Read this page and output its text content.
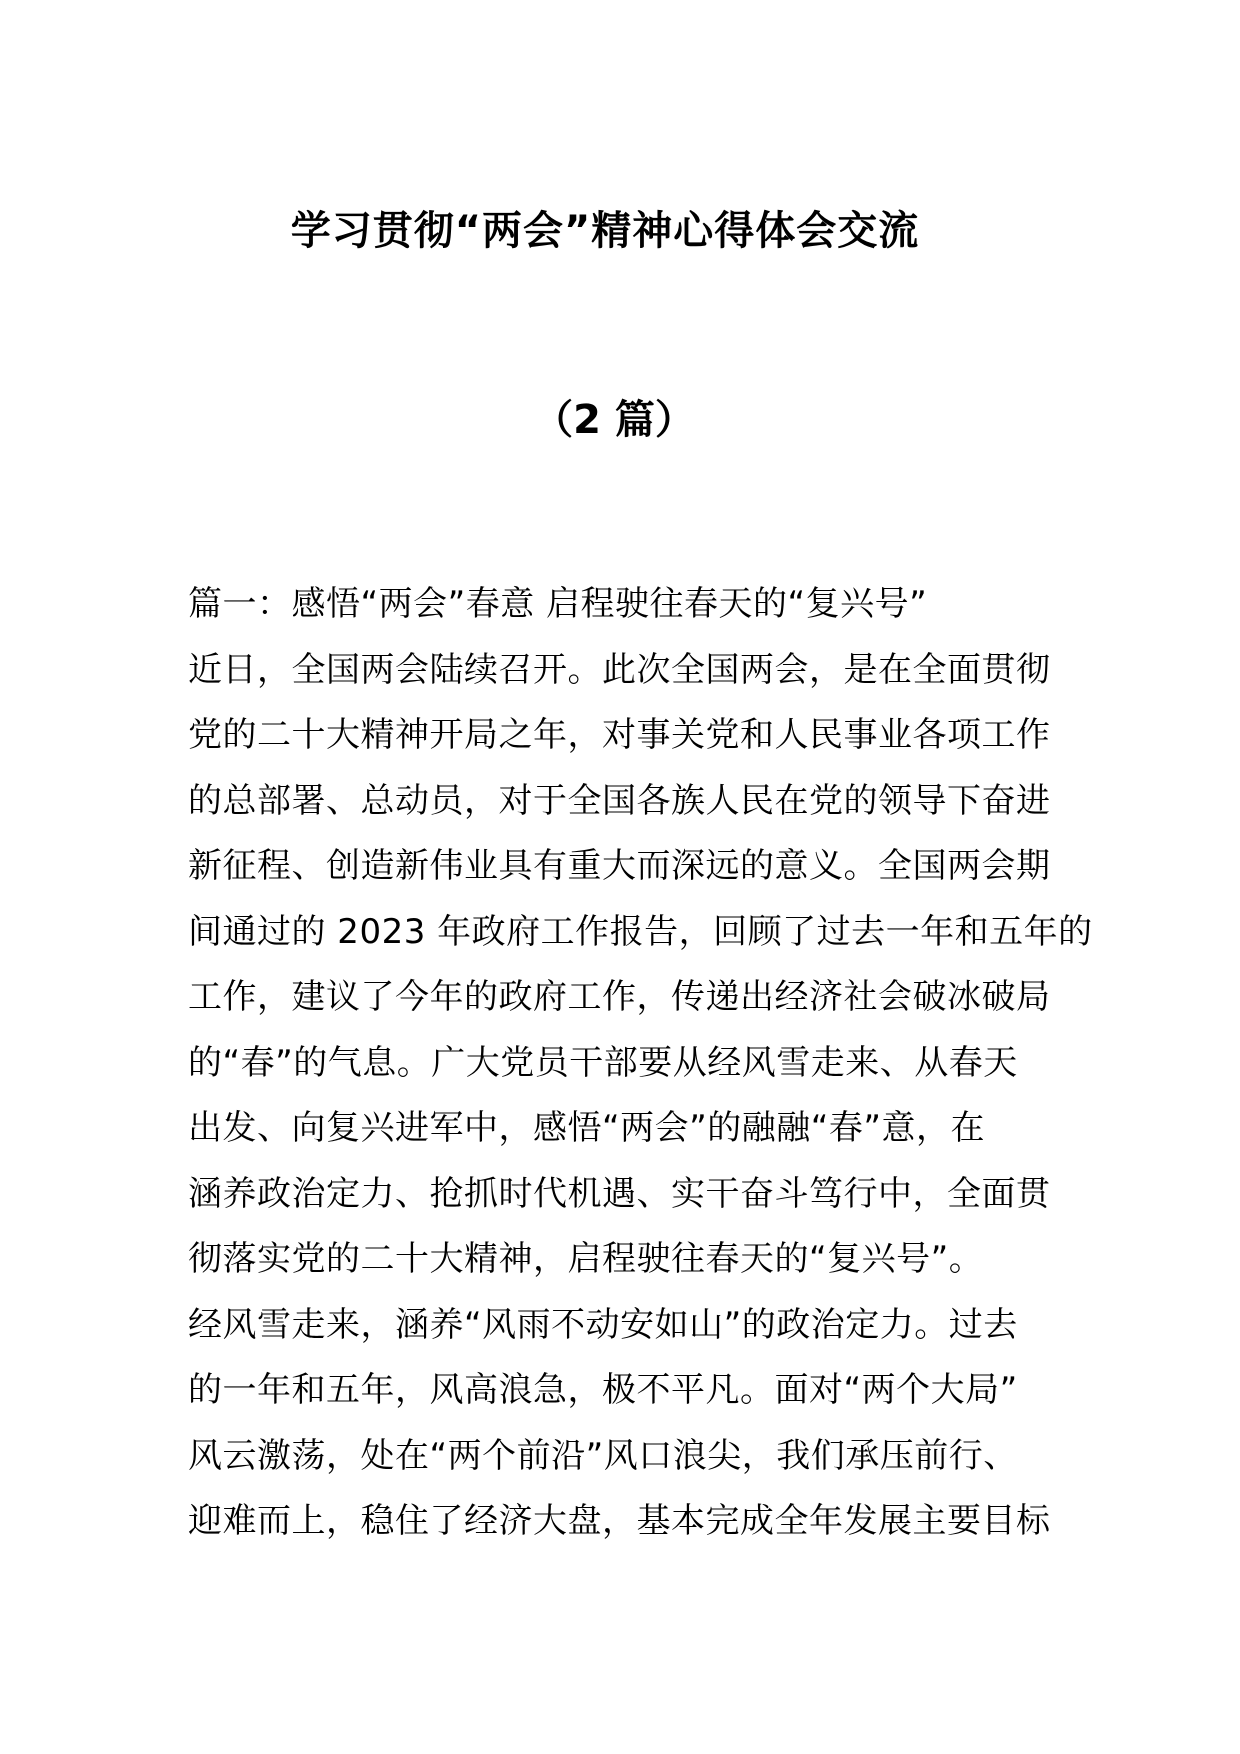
学习贯彻“两会”精神心得体会交流
（2 篇）
篇一：感悟“两会”春意 启程驶往春天的“复兴号”
近日，全国两会陆续召开。此次全国两会，是在全面贯彻
党的二十大精神开局之年，对事关党和人民事业各项工作
的总部署、总动员，对于全国各族人民在党的领导下奋进
新征程、创造新伟业具有重大而深远的意义。全国两会期
间通过的 2023 年政府工作报告，回顾了过去一年和五年的
工作，建议了今年的政府工作，传递出经济社会破冰破局
的“春”的气息。广大党员干部要从经风雪走来、从春天
出发、向复兴进军中，感悟“两会”的融融“春”意，在
涵养政治定力、抢抓时代机遇、实干奋斗笃行中，全面贯
彻落实党的二十大精神，启程驶往春天的“复兴号”。
经风雪走来，涵养“风雨不动安如山”的政治定力。过去
的一年和五年，风高浪急，极不平凡。面对“两个大局”
风云激荡，处在“两个前沿”风口浪尖，我们承压前行、
迎难而上，稳住了经济大盘，基本完成全年发展主要目标
